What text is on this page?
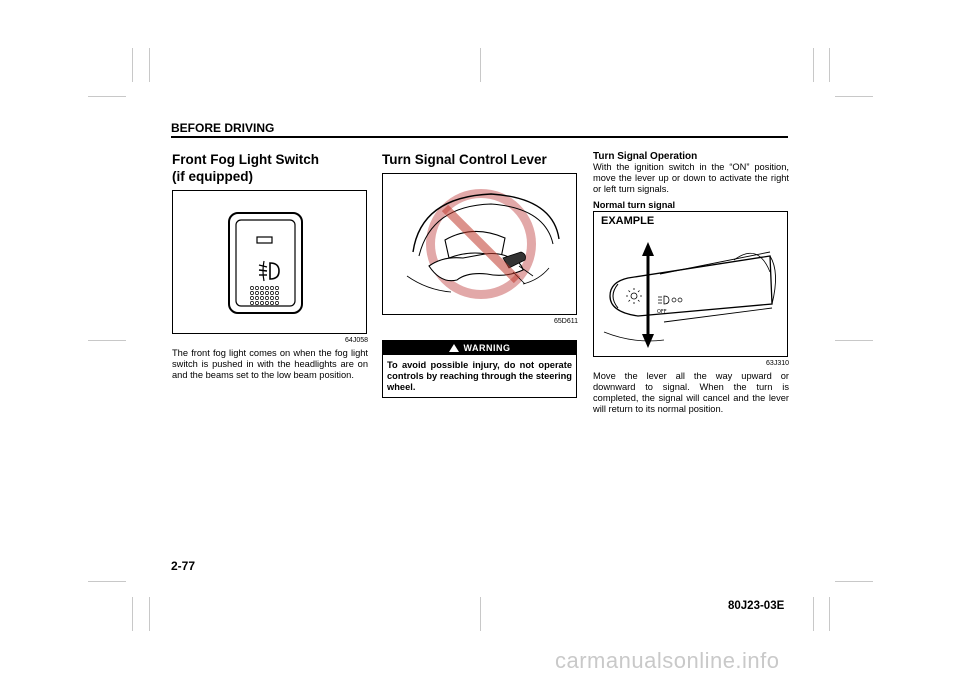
BEFORE DRIVING
Front Fog Light Switch
(if equipped)
64J058
The front fog light comes on when the fog light switch is pushed in with the headlights are on and the beams set to the low beam position.
Turn Signal Control Lever
65D611
WARNING
To avoid possible injury, do not operate controls by reaching through the steering wheel.
Turn Signal Operation
With the ignition switch in the “ON” position, move the lever up or down to activate the right or left turn signals.
Normal turn signal
EXAMPLE
OFF
63J310
Move the lever all the way upward or downward to signal. When the turn is completed, the signal will cancel and the lever will return to its normal position.
2-77
80J23-03E
carmanualsonline.info
